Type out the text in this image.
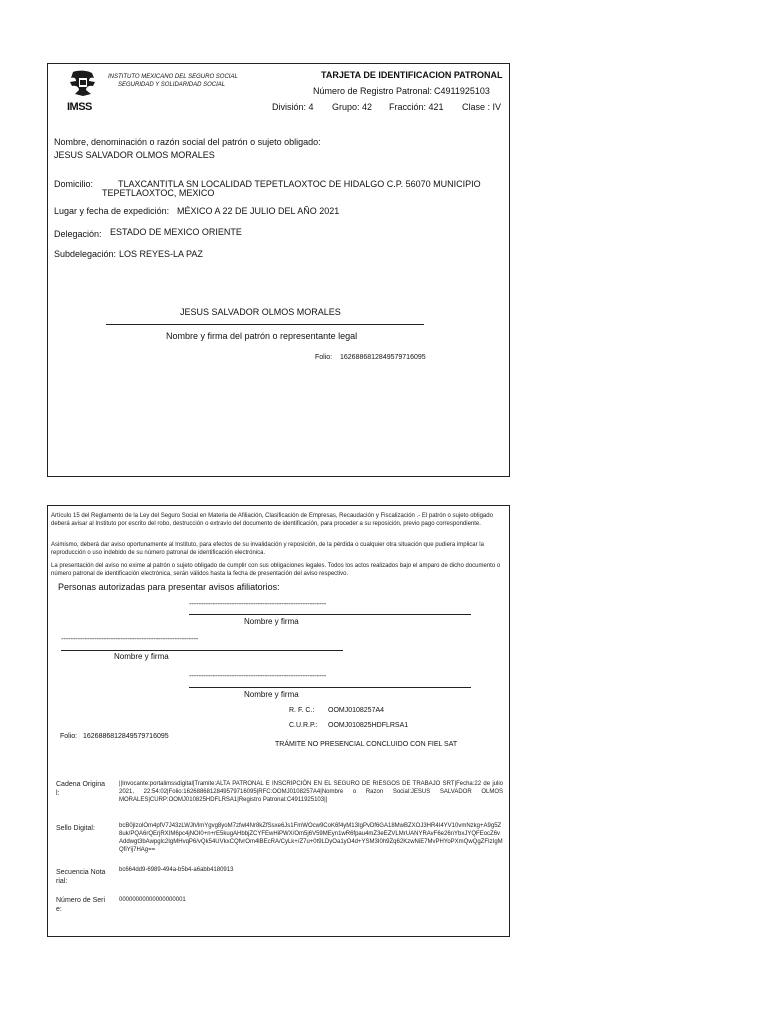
IMSS
INSTITUTO MEXICANO DEL SEGURO SOCIAL
SEGURIDAD Y SOLIDARIDAD SOCIAL
TARJETA DE IDENTIFICACION PATRONAL
Número de Registro Patronal: C4911925103
División: 4 Grupo: 42 Fracción: 421 Clase : IV
Nombre, denominación o razón social del patrón o sujeto obligado:
JESUS SALVADOR OLMOS MORALES
Domicilio:	TLAXCANTITLA SN LOCALIDAD TEPETLAOXTOC DE HIDALGO C.P. 56070 MUNICIPIO
TEPETLAOXTOC, MEXICO
Lugar y fecha de expedición: MÉXICO A 22 DE JULIO DEL AÑO 2021
Delegación: ESTADO DE MEXICO ORIENTE
Subdelegación: LOS REYES-LA PAZ
JESUS SALVADOR OLMOS MORALES
Nombre y firma del patrón o representante legal
Folio: 1626886812849579716095
Artículo 15 del Reglamento de la Ley del Seguro Social en Materia de Afiliación, Clasificación de Empresas, Recaudación y Fiscalización .- El patrón o sujeto obligado deberá avisar al Instituto por escrito del robo, destrucción o extravío del documento de identificación, para proceder a su reposición, previo pago correspondiente.
Asimismo, deberá dar aviso oportunamente al Instituto, para efectos de su invalidación y reposición, de la pérdida o cualquier otra situación que pudiera implicar la reproducción o uso indebido de su número patronal de identificación electrónica.
La presentación del aviso no exime al patrón o sujeto obligado de cumplir con sus obligaciones legales. Todos los actos realizados bajo el amparo de dicho documento o número patronal de identificación electrónica, serán válidos hasta la fecha de presentación del aviso respectivo.
Personas autorizadas para presentar avisos afiliatorios:
----------------------------------------------------------
Nombre y firma
----------------------------------------------------------
Nombre y firma
----------------------------------------------------------
Nombre y firma
R. F. C.: OOMJ0108257A4
C.U.R.P.: OOMJ010825HDFLRSA1
Folio: 1626886812849579716095
TRÁMITE NO PRESENCIAL CONCLUIDO CON FIEL SAT
Cadena Original:
||Invocante:portalimssdigital|Tramite:ALTA PATRONAL E INSCRIPCIÓN EN EL SEGURO DE RIESGOS DE TRABAJO SRT|Fecha:22 de julio 2021, 22:54:02|Folio:1626886812849579716095|RFC:OOMJ0108257A4|Nombre o Razon Social:JESUS SALVADOR OLMOS MORALES|CURP:OOMJ010825HDFLRSA1|Registro Patronal:C4911925103||
Sello Digital:	bcB0jIzolOm4pfV7J43zLWJh/lmYgvg8yoM7zfwl4Nr8kZfSsxe6Js1FmWOcw9CoK6f4yM13IgPvDf6GA18MwBZXOJ3HR4I4YV10vmNzkg+A9g5Z8uk/PQA6rQErjRXIM6pc4jNOI0+n+rE5kugAHbbjZCYFEwHiPWX/Om5j6V59MEyn1wR6fpau4mZ3eEZVLMrUANYRAvF6e26nYbxJYQFEocZ6vAddwgt3bAwpglc2IgMHvqP6/vQk54UVkxCQfvrOm4lBEcRA/CyLk+/Z7u+0t9LDyOa1yO4d+YSM3I0h9Zq62KzwNiE7MvPHYoPXmQwQgZFIzIgMQfiYij7HAg==
Secuencia Notarial:
bc664dd9-6989-494a-b5b4-a6abb4180913
Número de Serie:
00000000000000000001
